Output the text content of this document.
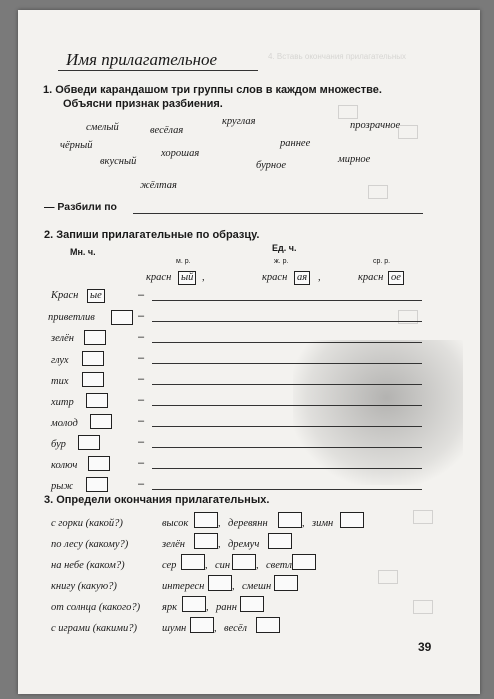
4. Вставь окончания прилагательных
Имя прилагательное
1. Обведи карандашом три группы слов в каждом множестве.
Объясни признак разбиения.
смелый	весёлая
круглая	прозрачное
чёрный
хорошая
раннее
вкусный	бурное
мирное
жёлтая
— Разбили по
2. Запиши прилагательные по образцу.
Мн. ч.	Ед. ч.
м. р.	ж. р.	ср. р.
красн ый ,	красн ая ,	красн ое
Красн ые	–
приветлив	–
зелён	–
глух	–
тих	–
хитр	–
молод	–
бур	–
колюч	–
рыж	–
3. Определи окончания прилагательных.
с горки (какой?)	высок	, деревянн	, зимн
по лесу (какому?)	зелён	, дремуч
на небе (каком?)	сер	, син , светл
книгу (какую?)	интересн	, смешн
от солнца (какого?) ярк	, ранн
с играми (какими?) шумн	, весёл
39
